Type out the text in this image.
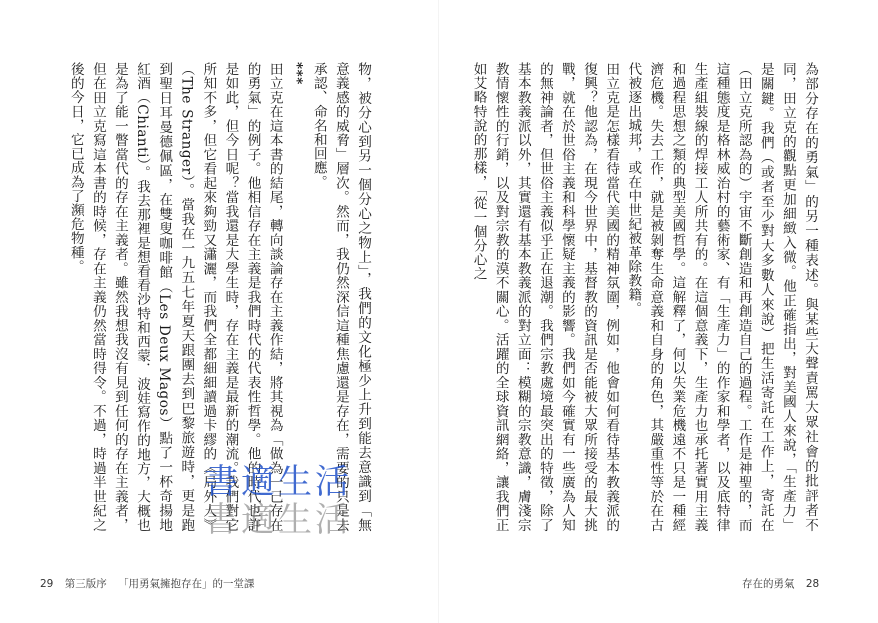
物，被分心到另一個分心之物上」，我們的文化極少上升到能去意識到「無意義感的威脅」層次。然而，我仍然深信這種焦慮還是存在，需要的只是去承認、命名和回應。

***

田立克在這本書的結尾，轉向談論存在主義作結，將其視為「做為一己存在的勇氣」的例子。他相信存在主義是我們時代的代表性哲學。他的時代也許是如此，但今日呢？當我還是大學生時，存在主義是最新的潮流。我們對它所知不多，但它看起來夠勁又瀟灑，而我們全都細細讀過卡繆的《局外人》（The Stranger）。當我在一九五七年夏天跟團去到巴黎旅遊時，更是跑到聖日耳曼德佩區，在雙叟咖啡館（Les Deux Magos）點了一杯奇揚地紅酒（Chianti）。我去那裡是想看看沙特和西蒙．波娃寫作的地方，大概也是為了能一瞥當代的存在主義者。雖然我想我沒有見到任何的存在主義者，但在田立克寫這本書的時候，存在主義仍然當時得令。不過，時過半世紀之後的今日，它已成為了瀕危物種。

29 第三版序 「用勇氣擁抱存在」的一堂課

為部分存在的勇氣」的另一種表述。與某些大聲責罵大眾社會的批評者不同，田立克的觀點更加細緻入微。他正確指出，對美國人來說，「生產力」是關鍵。我們（或者至少對大多數人來說）把生活寄託在工作上，寄託在（田立克所認為的）宇宙不斷創造和再創造自己的過程。工作是神聖的，而這種態度是格林威治村的藝術家、有「生產力」的作家和學者，以及底特律生產組裝線的焊接工人所共有的。在這個意義下，生產力也承托著實用主義和過程思想之類的典型美國哲學。這解釋了，何以失業危機遠不只是一種經濟危機。失去工作，就是被剝奪生命意義和自身的角色，其嚴重性等於在古代被逐出城邦，或在中世紀被革除教籍。

田立克是怎樣看待當代美國的精神氛圍，例如，他會如何看待基本教義派的復興？他認為，在現今世界中，基督教的資訊是否能被大眾所接受的最大挑戰，就在於世俗主義和科學懷疑主義的影響。我們如今確實有一些廣為人知的無神論者，但世俗主義似乎正在退潮。我們宗教處境最突出的特徵，除了基本教義派以外，其實還有基本教義派的對立面：模糊的宗教意識，膚淺宗教情懷性的行銷，以及對宗教的漠不關心。活躍的全球資訊網絡，讓我們正如艾略特說的那樣，「從一個分心之

存在的勇氣 28
書適生活
書適生活
